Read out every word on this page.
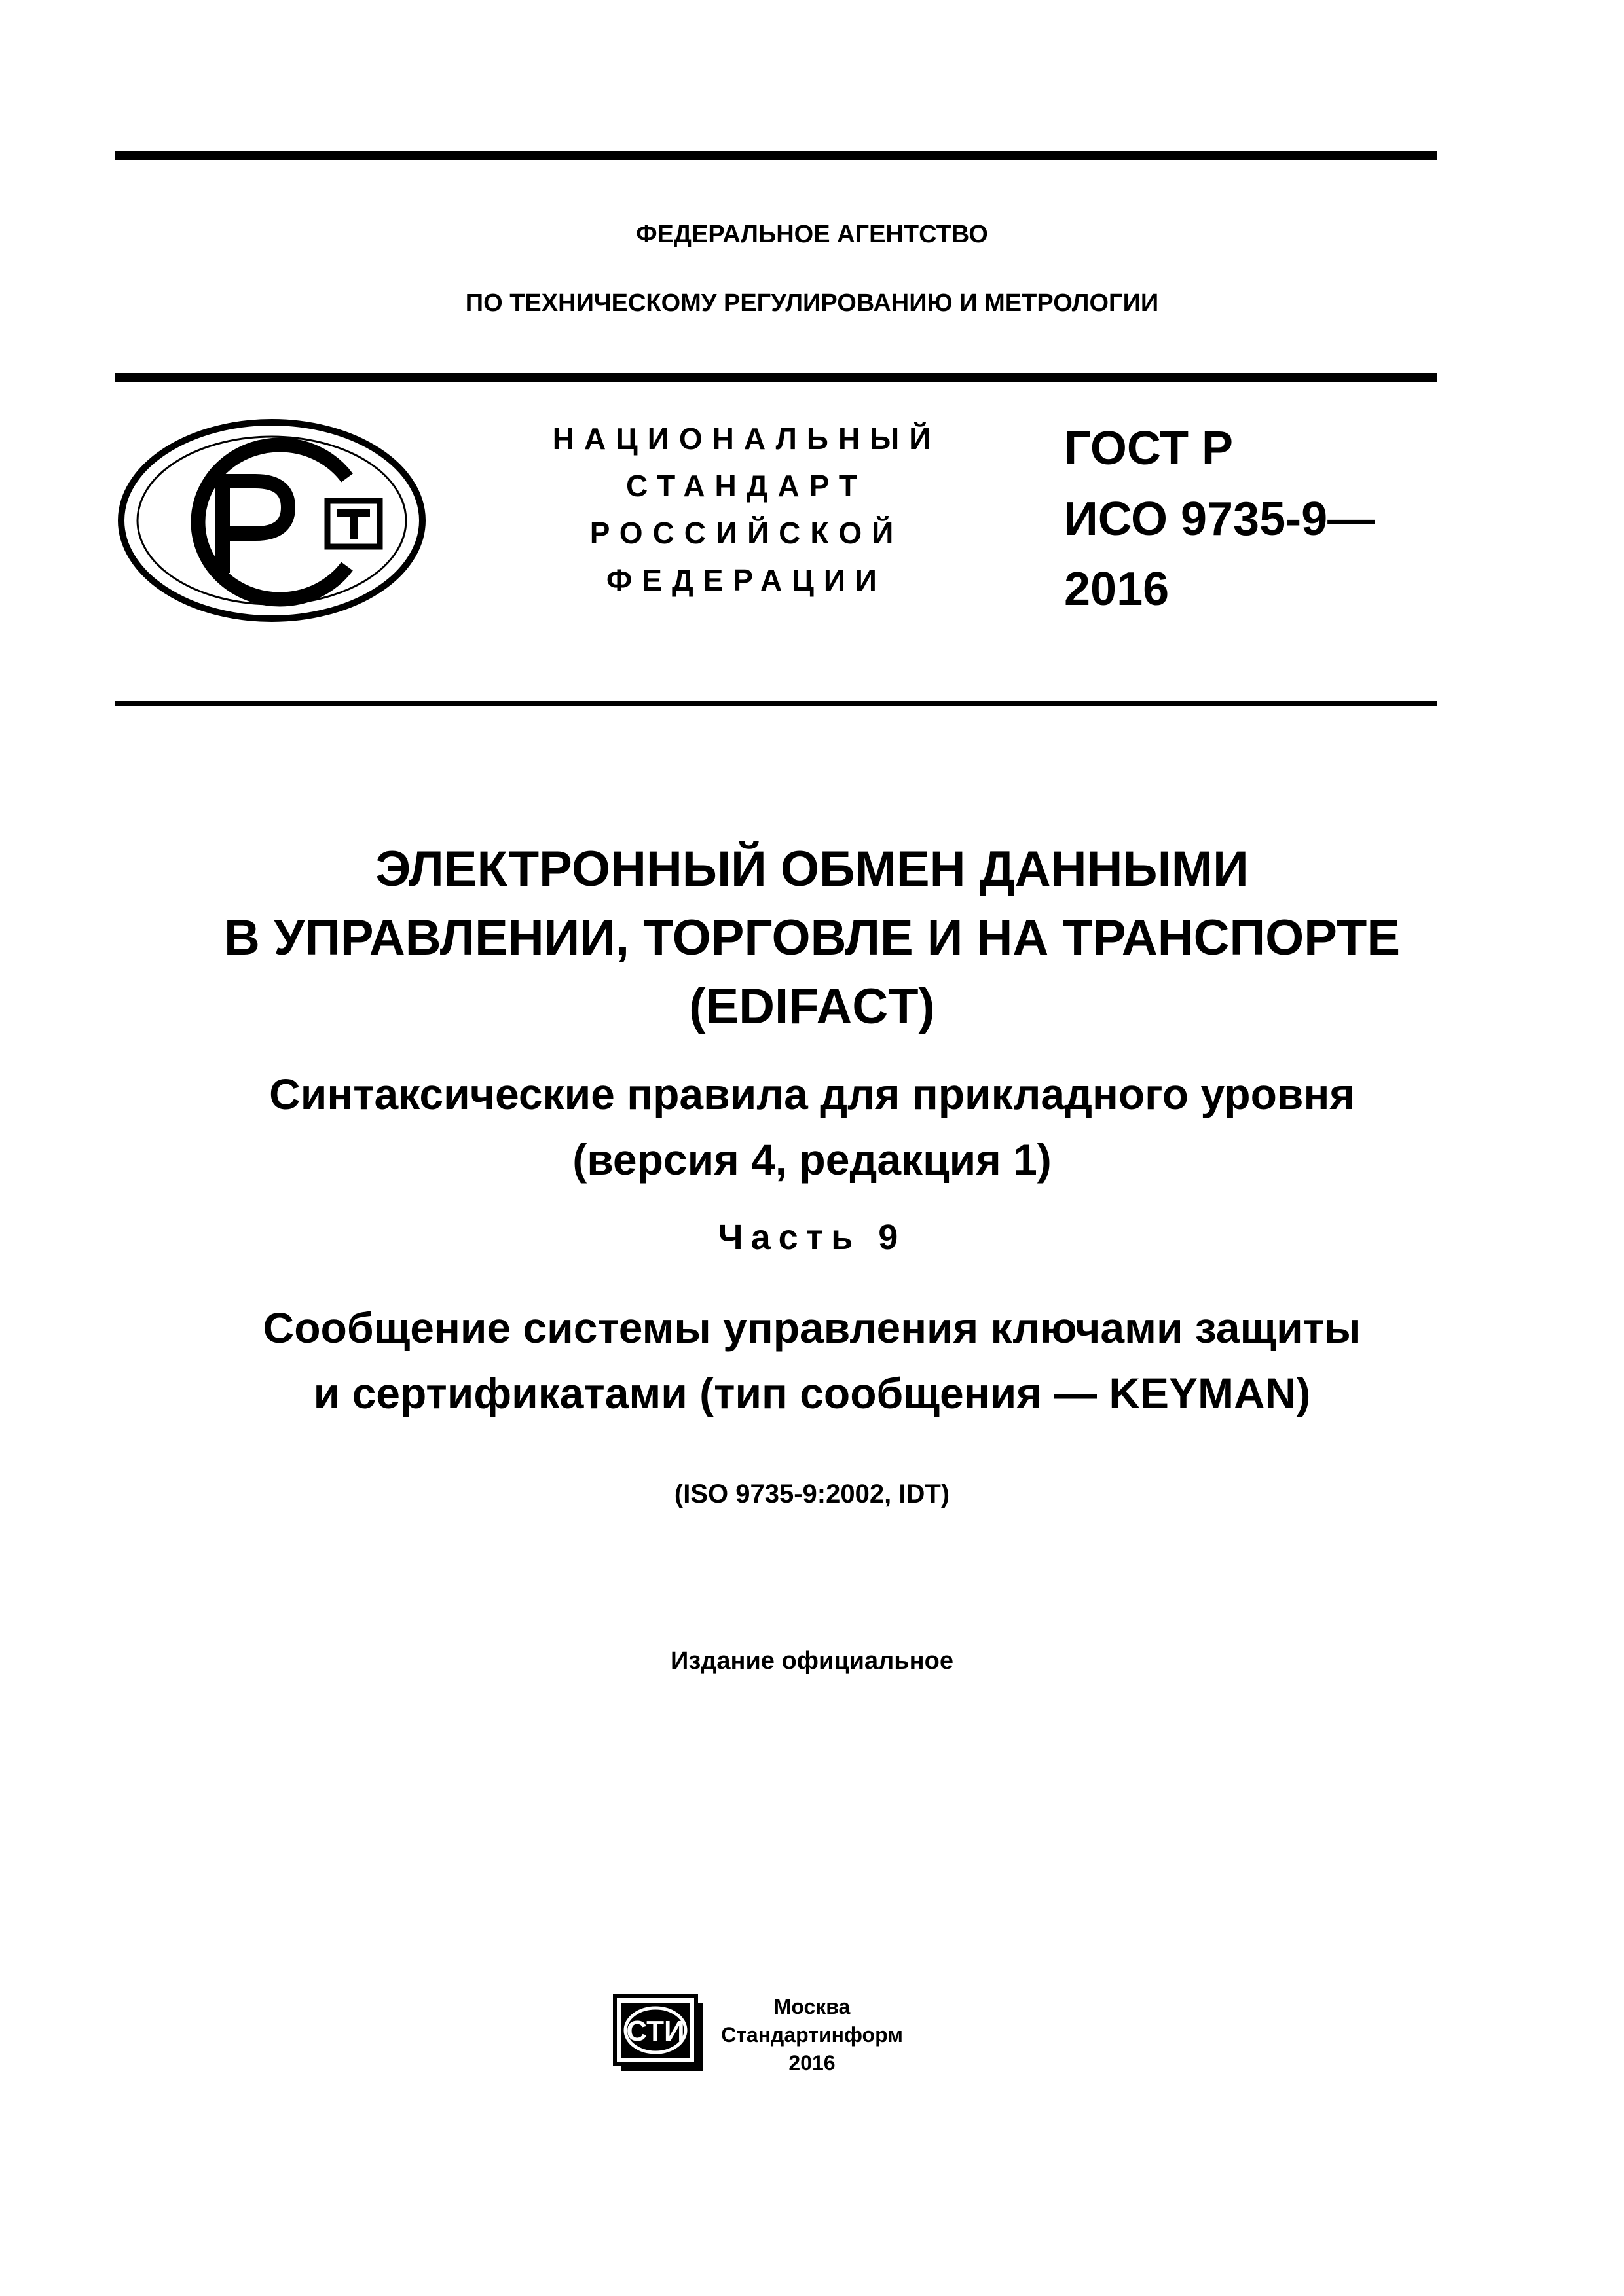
ФЕДЕРАЛЬНОЕ АГЕНТСТВО
ПО ТЕХНИЧЕСКОМУ РЕГУЛИРОВАНИЮ И МЕТРОЛОГИИ
НАЦИОНАЛЬНЫЙ
СТАНДАРТ
РОССИЙСКОЙ
ФЕДЕРАЦИИ
ГОСТ Р
ИСО 9735-9—
2016
ЭЛЕКТРОННЫЙ ОБМЕН ДАННЫМИ
В УПРАВЛЕНИИ, ТОРГОВЛЕ И НА ТРАНСПОРТЕ
(EDIFACT)
Синтаксические правила для прикладного уровня
(версия 4, редакция 1)
Часть 9
Сообщение системы управления ключами защиты
и сертификатами (тип сообщения — KEYMAN)
(ISO 9735-9:2002, IDT)
Издание официальное
СТИ
Москва
Стандартинформ
2016
